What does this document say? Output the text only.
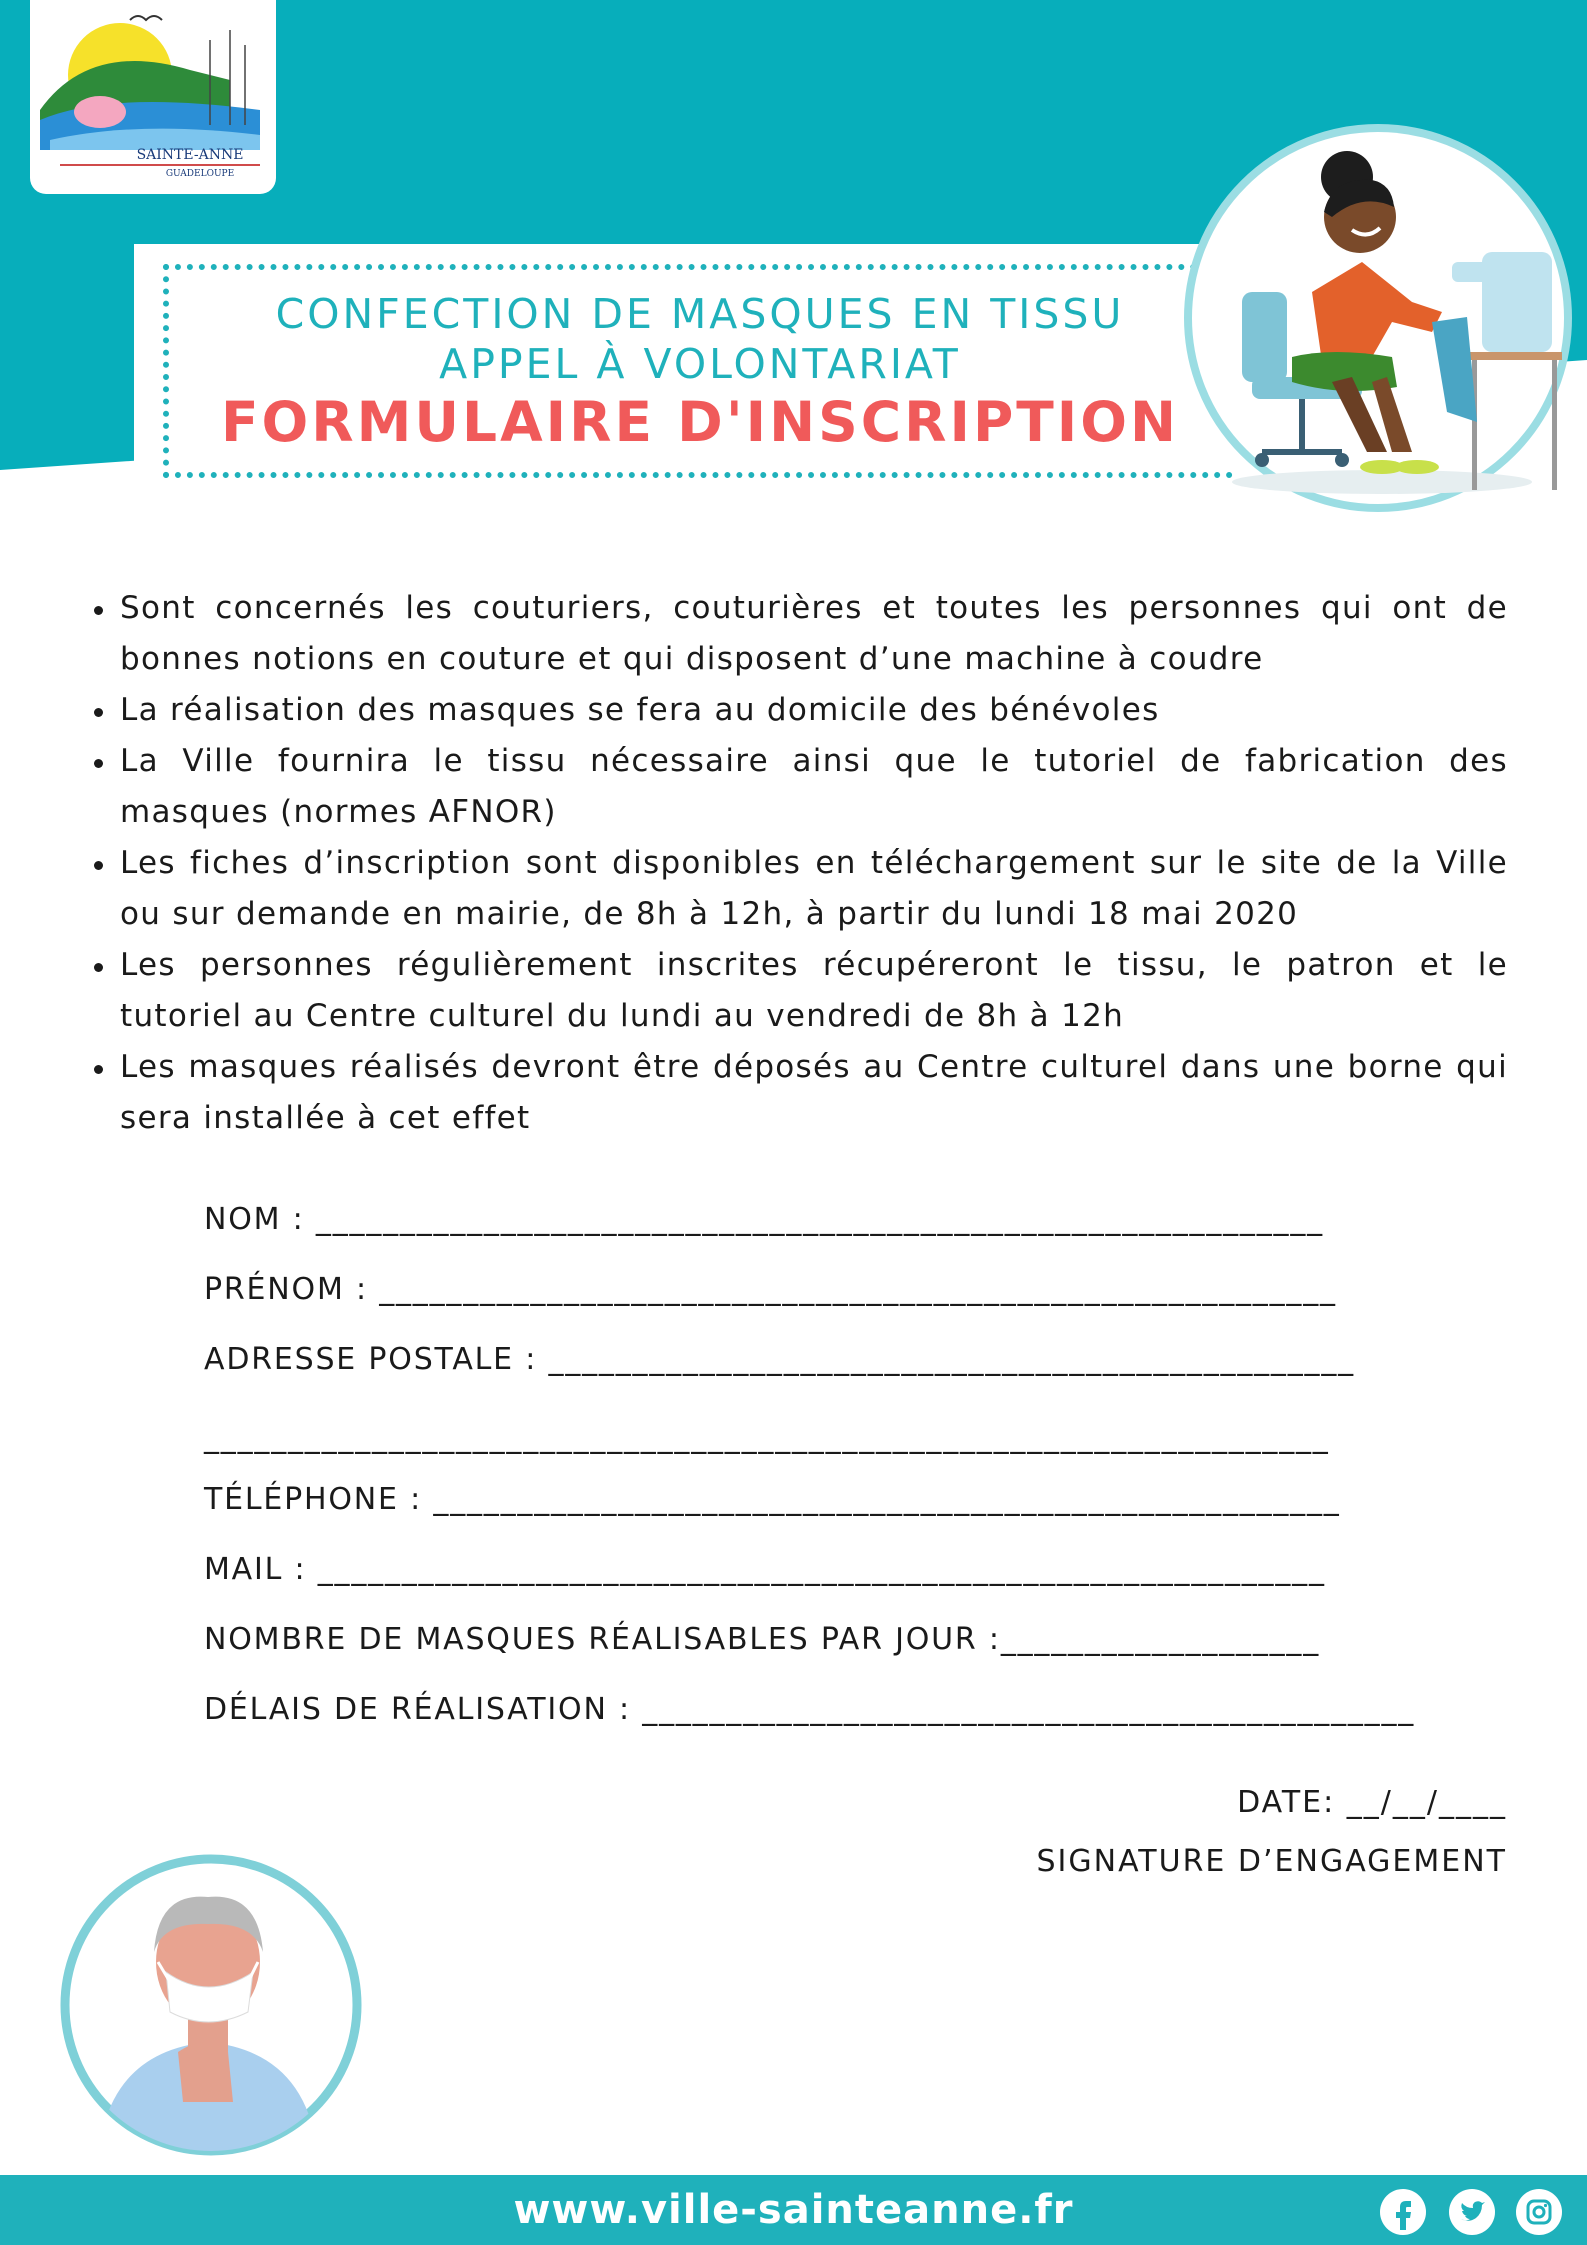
SAINTE-ANNE
GUADELOUPE
CONFECTION DE MASQUES EN TISSU
APPEL À VOLONTARIAT
FORMULAIRE D'INSCRIPTION
Sont concernés les couturiers, couturières et toutes les personnes qui ont de bonnes notions en couture et qui disposent d’une machine à coudre
La réalisation des masques se fera au domicile des bénévoles
La Ville fournira le tissu nécessaire ainsi que le tutoriel de fabrication des masques (normes AFNOR)
Les fiches d’inscription sont disponibles en téléchargement sur le site de la Ville ou sur demande en mairie, de 8h à 12h, à partir du lundi 18 mai 2020
Les personnes régulièrement inscrites récupéreront le tissu, le patron et le tutoriel au Centre culturel du lundi au vendredi de 8h à 12h
Les masques réalisés devront être déposés au Centre culturel dans une borne qui sera installée à cet effet
NOM : ____________________________________________________________
PRÉNOM : _________________________________________________________
ADRESSE POSTALE : ________________________________________________
___________________________________________________________________
TÉLÉPHONE : ______________________________________________________
MAIL : ____________________________________________________________
NOMBRE DE MASQUES RÉALISABLES PAR JOUR :___________________
DÉLAIS DE RÉALISATION : ______________________________________________
DATE: __/__/____
SIGNATURE D’ENGAGEMENT
www.ville-sainteanne.fr
